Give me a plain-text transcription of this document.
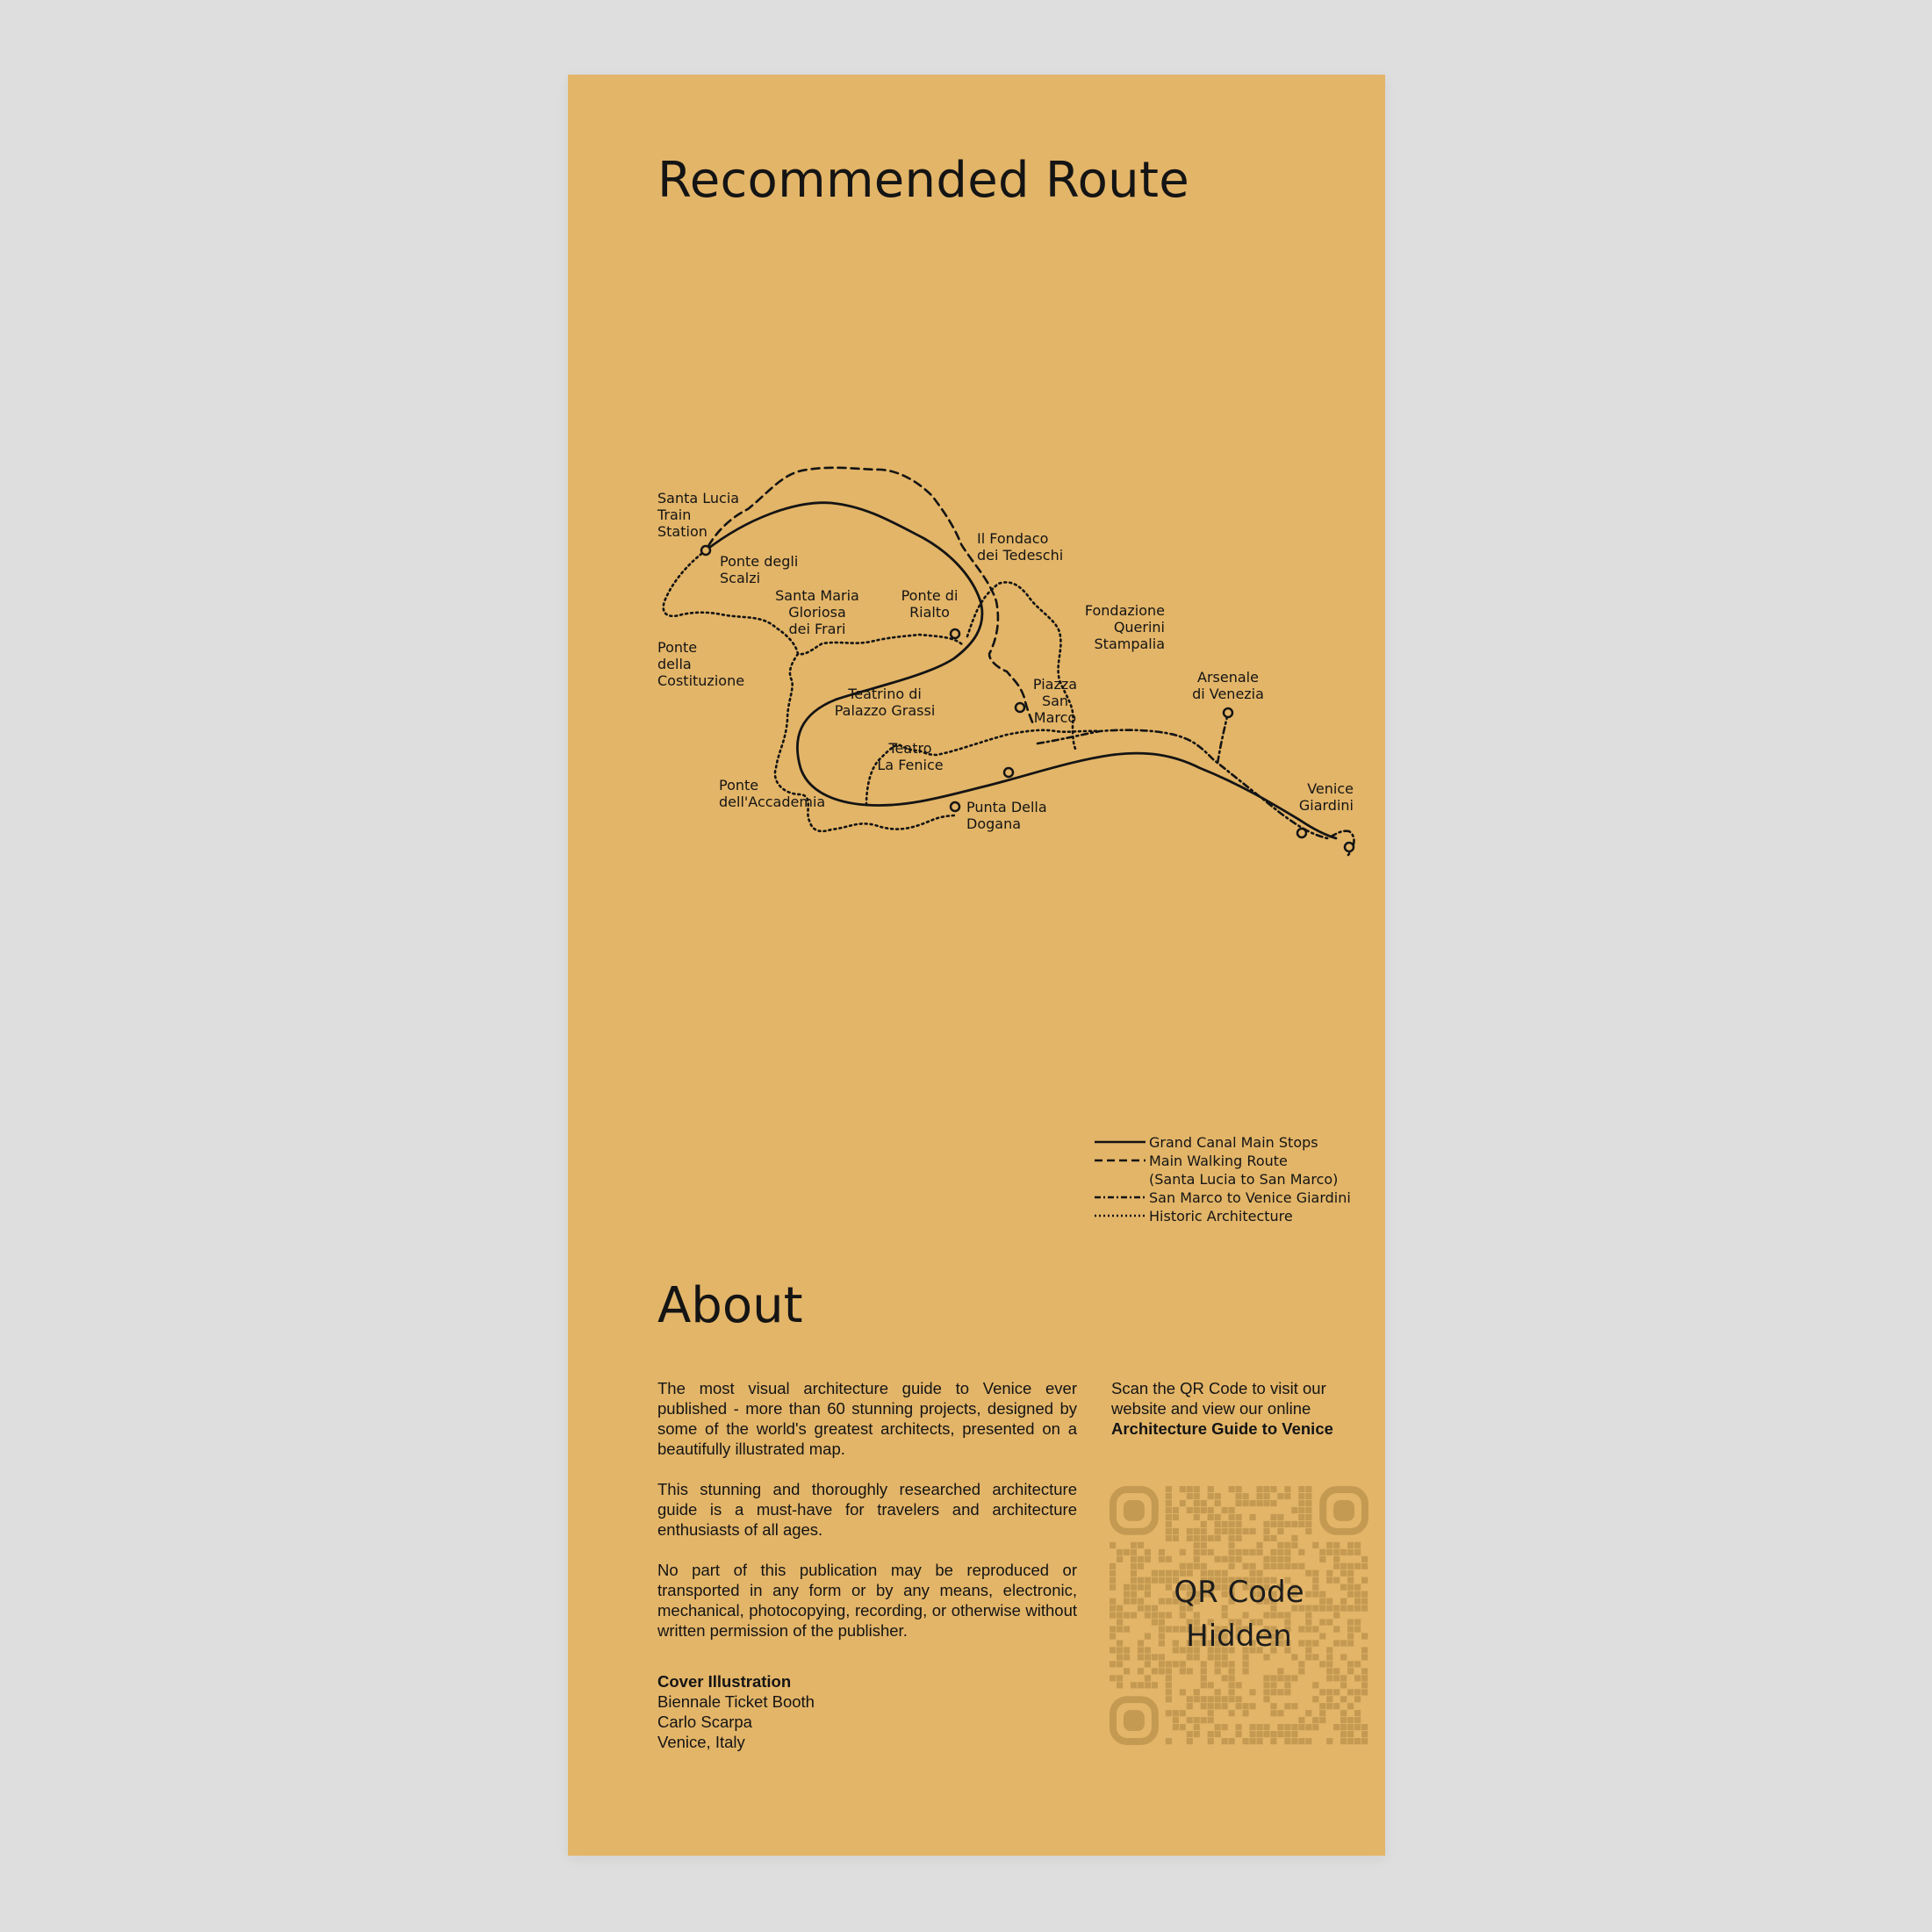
Recommended Route
Santa Lucia Train Station
Ponte degli Scalzi
Il Fondaco dei Tedeschi
Santa Maria Gloriosa dei Frari
Ponte di Rialto	Fondazione Querini Stampalia
Ponte della Costituzione	Arsenale di Venezia
Piazza San Marco
Teatrino di Palazzo Grassi
Teatro La Fenice
Ponte dell'Accademia	Punta Della Dogana
Venice Giardini
Grand Canal Main Stops
Main Walking Route
(Santa Lucia to San Marco)
San Marco to Venice Giardini
Historic Architecture
About

The most visual architecture guide to Venice ever published - more than 60 stunning projects, designed by some of the world's greatest architects, presented on a beautifully illustrated map.

This stunning and thoroughly researched architecture guide is a must-have for travelers and architecture enthusiasts of all ages.

No part of this publication may be reproduced or transported in any form or by any means, electronic, mechanical, photocopying, recording, or otherwise without written permission of the publisher.

Cover Illustration
Biennale Ticket Booth
Carlo Scarpa
Venice, Italy
Scan the QR Code to visit our website and view our online
Architecture Guide to Venice
QR Code
Hidden
